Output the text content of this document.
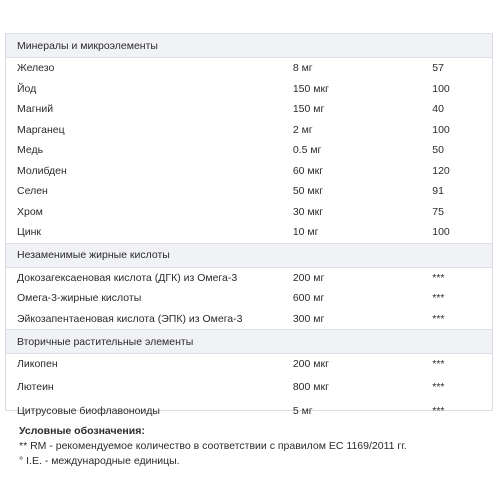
Минералы и микроэлементы
Железо	8 мг	57
Йод	150 мкг	100
Магний	150 мг	40
Марганец	2 мг	100
Медь	0.5 мг	50
Молибден	60 мкг	120
Селен	50 мкг	91
Хром	30 мкг	75
Цинк	10 мг	100
Незаменимые жирные кислоты
Докозагексаеновая кислота (ДГК) из Омега-3	200 мг	***
Омега-3-жирные кислоты	600 мг	***
Эйкозапентаеновая кислота (ЭПК) из Омега-3	300 мг	***
Вторичные растительные элементы
Ликопен	200 мкг	***
Лютеин	800 мкг	***
Цитрусовые биофлавоноиды	5 мг	***
Условные обозначения:
** RM - рекомендуемое количество в соответствии с правилом EC 1169/2011 гг.
° I.E. - международные единицы.
